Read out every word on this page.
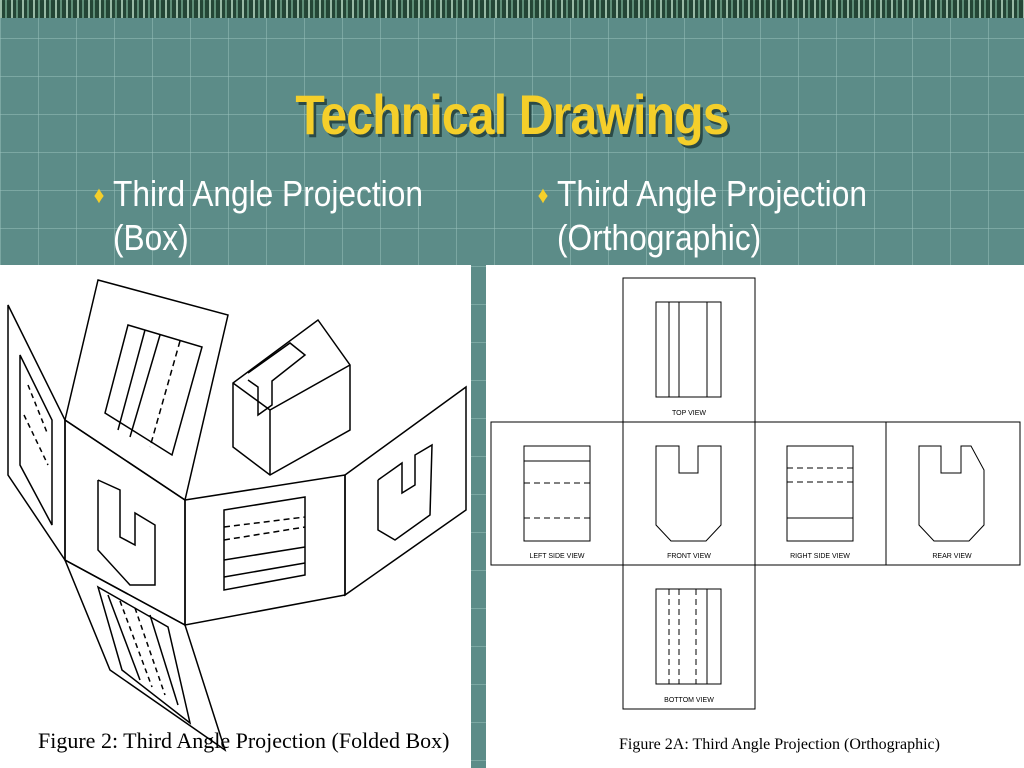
Technical Drawings
♦ Third Angle Projection
(Box)
♦ Third Angle Projection
(Orthographic)
Figure 2: Third Angle Projection (Folded Box)
TOP VIEW
LEFT SIDE VIEW	FRONT VIEW	RIGHT SIDE VIEW	REAR VIEW
BOTTOM VIEW
Figure 2A: Third Angle Projection (Orthographic)
